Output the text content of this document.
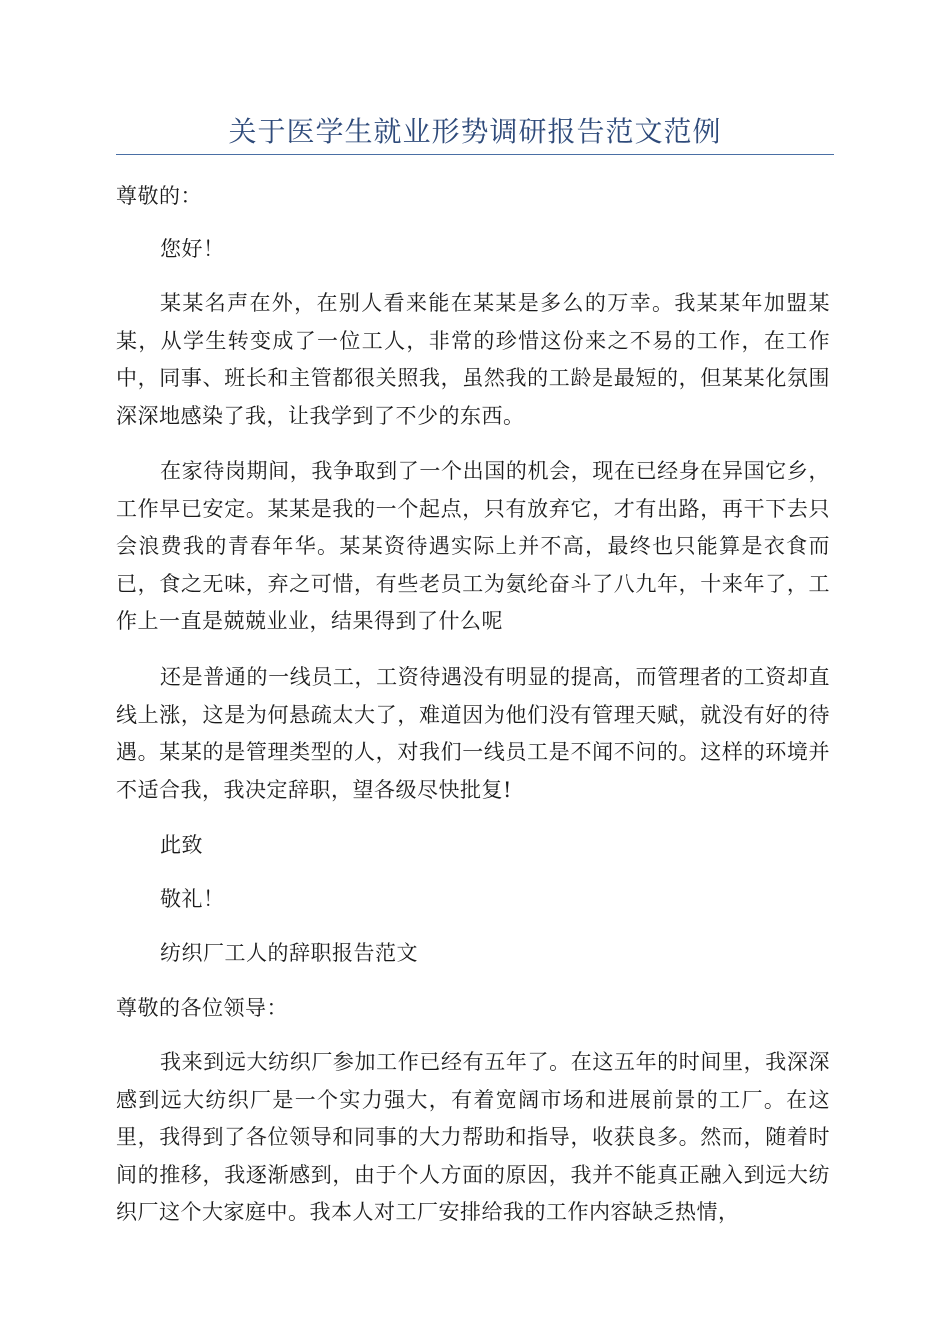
关于医学生就业形势调研报告范文范例

尊敬的：

您好！

某某名声在外，在别人看来能在某某是多么的万幸。我某某年加盟某某，从学生转变成了一位工人，非常的珍惜这份来之不易的工作，在工作中，同事、班长和主管都很关照我，虽然我的工龄是最短的，但某某化氛围深深地感染了我，让我学到了不少的东西。

在家待岗期间，我争取到了一个出国的机会，现在已经身在异国它乡，工作早已安定。某某是我的一个起点，只有放弃它，才有出路，再干下去只会浪费我的青春年华。某某资待遇实际上并不高，最终也只能算是衣食而已，食之无味，弃之可惜，有些老员工为氨纶奋斗了八九年，十来年了，工作上一直是兢兢业业，结果得到了什么呢

还是普通的一线员工，工资待遇没有明显的提高，而管理者的工资却直线上涨，这是为何悬疏太大了，难道因为他们没有管理天赋，就没有好的待遇。某某的是管理类型的人，对我们一线员工是不闻不问的。这样的环境并不适合我，我决定辞职，望各级尽快批复!

此致

敬礼！

纺织厂工人的辞职报告范文

尊敬的各位领导：

我来到远大纺织厂参加工作已经有五年了。在这五年的时间里，我深深感到远大纺织厂是一个实力强大，有着宽阔市场和进展前景的工厂。在这里，我得到了各位领导和同事的大力帮助和指导，收获良多。然而，随着时间的推移，我逐渐感到，由于个人方面的原因，我并不能真正融入到远大纺织厂这个大家庭中。我本人对工厂安排给我的工作内容缺乏热情，
